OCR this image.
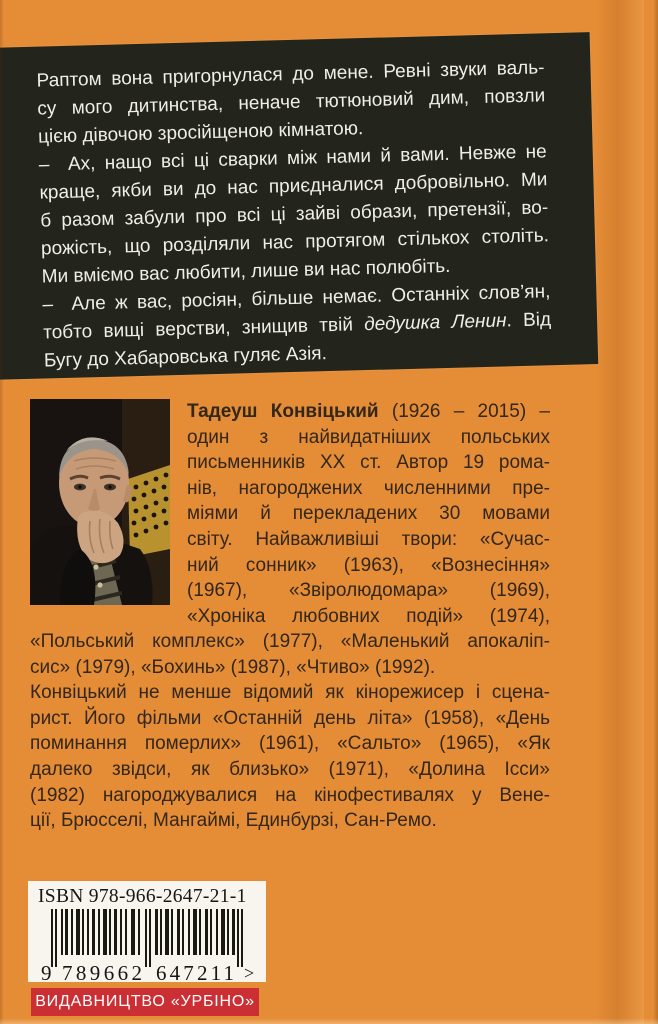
Раптом вона пригорнулася до мене. Ревні звуки валь-
су мого дитинства, неначе тютюновий дим, повзли
цією дівочою зросійщеною кімнатою.
–  Ах, нащо всі ці сварки між нами й вами. Невже не
краще, якби ви до нас приєдналися добровільно. Ми
б разом забули про всі ці зайві образи, претензії, во-
рожість, що розділяли нас протягом стількох століть.
Ми вміємо вас любити, лише ви нас полюбіть.
–  Але ж вас, росіян, більше немає. Останніх слов’ян,
тобто вищі верстви, знищив твій дедушка Ленин. Від
Бугу до Хабаровська гуляє Азія.
Тадеуш Конвіцький (1926 – 2015) –
один з найвидатніших польських
письменників XX ст. Автор 19 рома-
нів, нагороджених численними пре-
міями й перекладених 30 мовами
світу. Найважливіші твори: «Сучас-
ний сонник» (1963), «Вознесіння»
(1967), «Звіролюдомара» (1969),
«Хроніка любовних подій» (1974),
«Польський комплекс» (1977), «Маленький апокаліп-
сис» (1979), «Бохинь» (1987), «Чтиво» (1992).
Конвіцький не менше відомий як кінорежисер і сцена-
рист. Його фільми «Останній день літа» (1958), «День
поминання померлих» (1961), «Сальто» (1965), «Як
далеко звідси, як близько» (1971), «Долина Ісси»
(1982) нагороджувалися на кінофестивалях у Вене-
ції, Брюсселі, Мангаймі, Единбурзі, Сан-Ремо.
ISBN 978-966-2647-21-1
9 789662 647211 >
ВИДАВНИЦТВО «УРБІНО»
